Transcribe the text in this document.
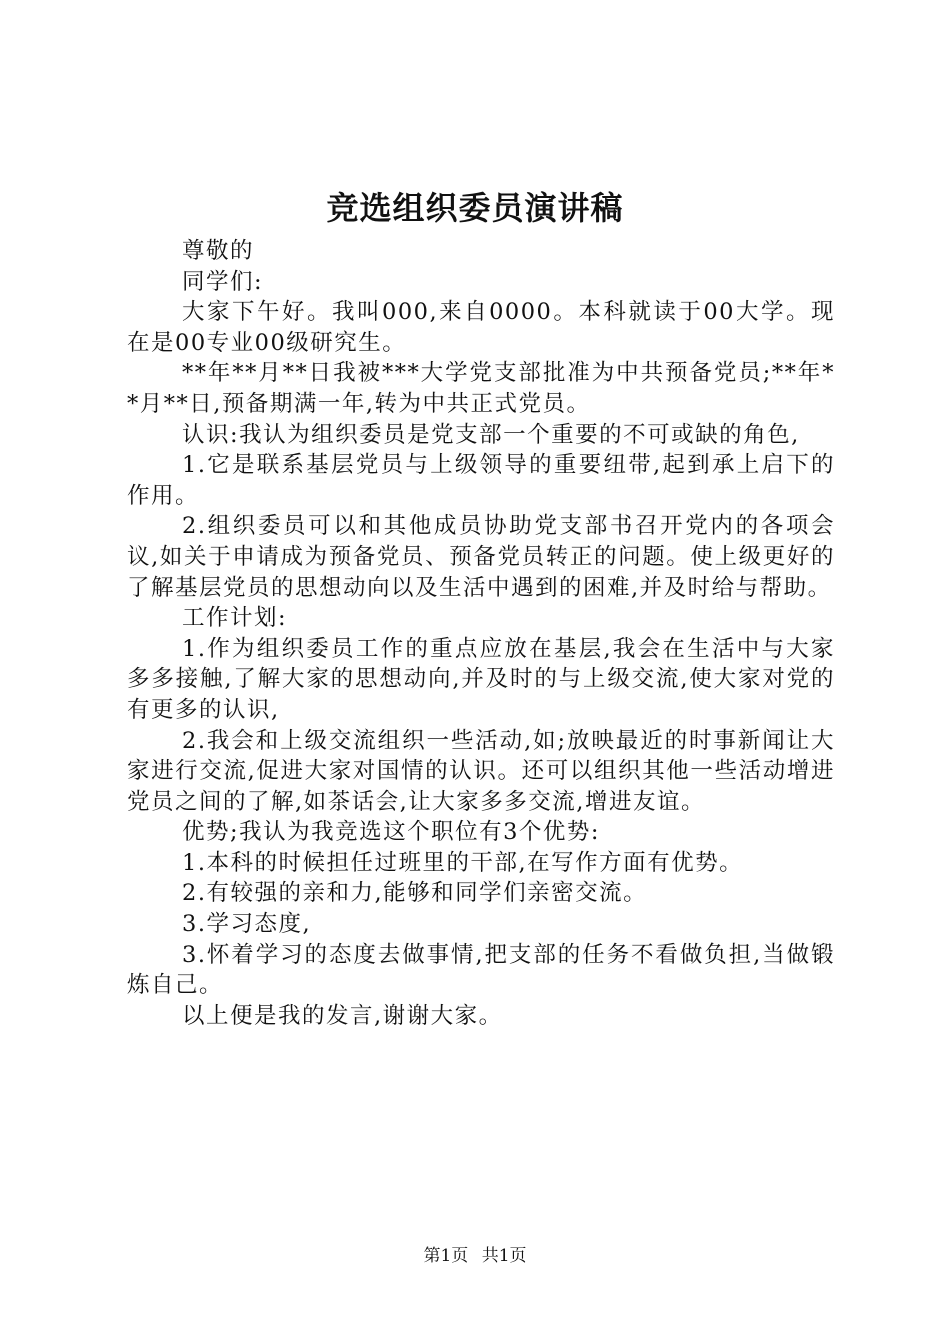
竞选组织委员演讲稿

尊敬的

同学们:

大家下午好。我叫000,来自0000。本科就读于00大学。现在是00专业00级研究生。

**年**月**日我被***大学党支部批准为中共预备党员;**年**月**日,预备期满一年,转为中共正式党员。

认识:我认为组织委员是党支部一个重要的不可或缺的角色,

1.它是联系基层党员与上级领导的重要纽带,起到承上启下的作用。

2.组织委员可以和其他成员协助党支部书召开党内的各项会议,如关于申请成为预备党员、预备党员转正的问题。使上级更好的了解基层党员的思想动向以及生活中遇到的困难,并及时给与帮助。

工作计划:

1.作为组织委员工作的重点应放在基层,我会在生活中与大家多多接触,了解大家的思想动向,并及时的与上级交流,使大家对党的有更多的认识,

2.我会和上级交流组织一些活动,如;放映最近的时事新闻让大家进行交流,促进大家对国情的认识。还可以组织其他一些活动增进党员之间的了解,如茶话会,让大家多多交流,增进友谊。

优势;我认为我竞选这个职位有3个优势:

1.本科的时候担任过班里的干部,在写作方面有优势。

2.有较强的亲和力,能够和同学们亲密交流。

3.学习态度,

3.怀着学习的态度去做事情,把支部的任务不看做负担,当做锻炼自己。

以上便是我的发言,谢谢大家。

第1页 共1页
